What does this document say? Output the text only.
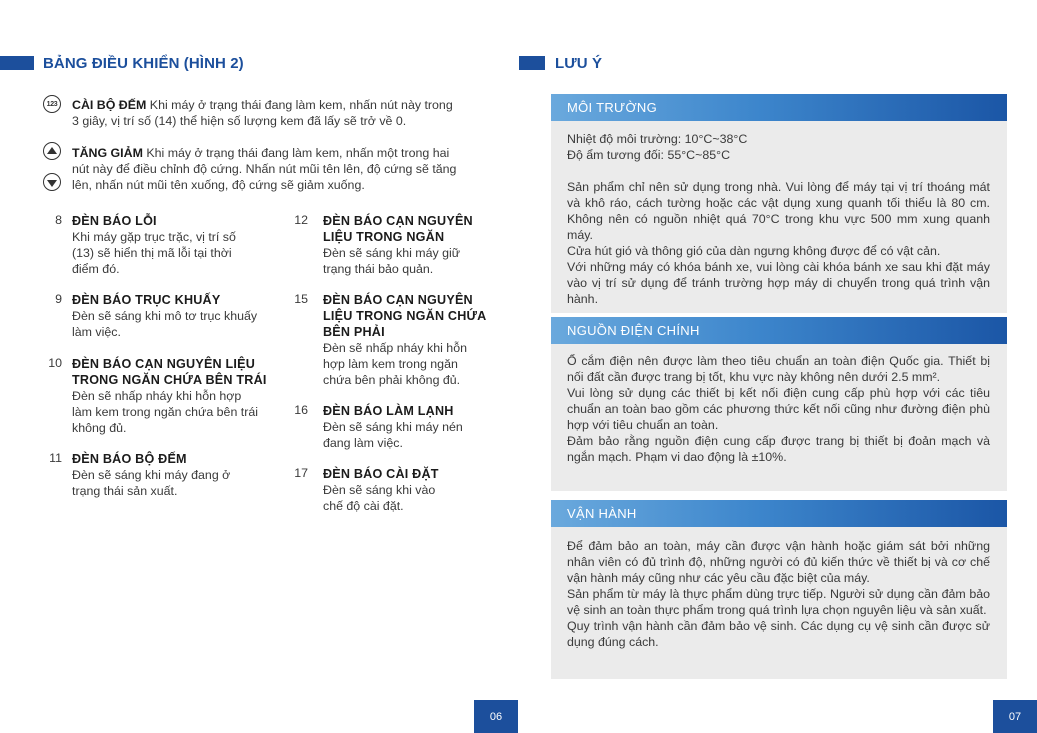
BẢNG ĐIỀU KHIỂN (HÌNH 2)
123 CÀI BỘ ĐẾM Khi máy ở trạng thái đang làm kem, nhấn nút này trong
3 giây, vị trí số (14) thể hiện số lượng kem đã lấy sẽ trở về 0.
TĂNG GIẢM Khi máy ở trạng thái đang làm kem, nhấn một trong hai
nút này để điều chỉnh độ cứng. Nhấn nút mũi tên lên, độ cứng sẽ tăng
lên, nhấn nút mũi tên xuống, độ cứng sẽ giảm xuống.
8 ĐÈN BÁO LỖI
Khi máy gặp trục trặc, vị trí số
(13) sẽ hiển thị mã lỗi tại thời
điểm đó.
9 ĐÈN BÁO TRỤC KHUẤY
Đèn sẽ sáng khi mô tơ trục khuấy
làm việc.
10 ĐÈN BÁO CẠN NGUYÊN LIỆU
TRONG NGĂN CHỨA BÊN TRÁI
Đèn sẽ nhấp nháy khi hỗn hợp
làm kem trong ngăn chứa bên trái
không đủ.
11 ĐÈN BÁO BỘ ĐẾM
Đèn sẽ sáng khi máy đang ở
trạng thái sản xuất.
12 ĐÈN BÁO CẠN NGUYÊN
LIỆU TRONG NGĂN
Đèn sẽ sáng khi máy giữ
trạng thái bảo quản.
15 ĐÈN BÁO CẠN NGUYÊN
LIỆU TRONG NGĂN CHỨA
BÊN PHẢI
Đèn sẽ nhấp nháy khi hỗn
hợp làm kem trong ngăn
chứa bên phải không đủ.
16 ĐÈN BÁO LÀM LẠNH
Đèn sẽ sáng khi máy nén
đang làm việc.
17 ĐÈN BÁO CÀI ĐẶT
Đèn sẽ sáng khi vào
chế độ cài đặt.
06
LƯU Ý
MÔI TRƯỜNG

Nhiệt độ môi trường: 10°C~38°C

Độ ẩm tương đối: 55°C~85°C

Sản phẩm chỉ nên sử dụng trong nhà. Vui lòng để máy tại vị trí thoáng mát và khô ráo, cách tường hoặc các vật dụng xung quanh tối thiểu là 80 cm. Không nên có nguồn nhiệt quá 70°C trong khu vực 500 mm xung quanh máy.

Cửa hút gió và thông gió của dàn ngưng không được để có vật cản.

Với những máy có khóa bánh xe, vui lòng cài khóa bánh xe sau khi đặt máy vào vị trí sử dụng để tránh trường hợp máy di chuyển trong quá trình vận hành.

NGUỒN ĐIỆN CHÍNH

Ổ cắm điện nên được làm theo tiêu chuẩn an toàn điện Quốc gia. Thiết bị nối đất cần được trang bị tốt, khu vực này không nên dưới 2.5 mm².

Vui lòng sử dụng các thiết bị kết nối điện cung cấp phù hợp với các tiêu chuẩn an toàn bao gồm các phương thức kết nối cũng như đường điện phù hợp với tiêu chuẩn an toàn.

Đảm bảo rằng nguồn điện cung cấp được trang bị thiết bị đoản mạch và ngắn mạch. Phạm vi dao động là ±10%.

VẬN HÀNH

Để đảm bảo an toàn, máy cần được vận hành hoặc giám sát bởi những nhân viên có đủ trình độ, những người có đủ kiến thức về thiết bị và cơ chế vận hành máy cũng như các yêu cầu đặc biệt của máy.

Sản phẩm từ máy là thực phẩm dùng trực tiếp. Người sử dụng cần đảm bảo vệ sinh an toàn thực phẩm trong quá trình lựa chọn nguyên liệu và sản xuất.

Quy trình vận hành cần đảm bảo vệ sinh. Các dụng cụ vệ sinh cần được sử dụng đúng cách.

07
